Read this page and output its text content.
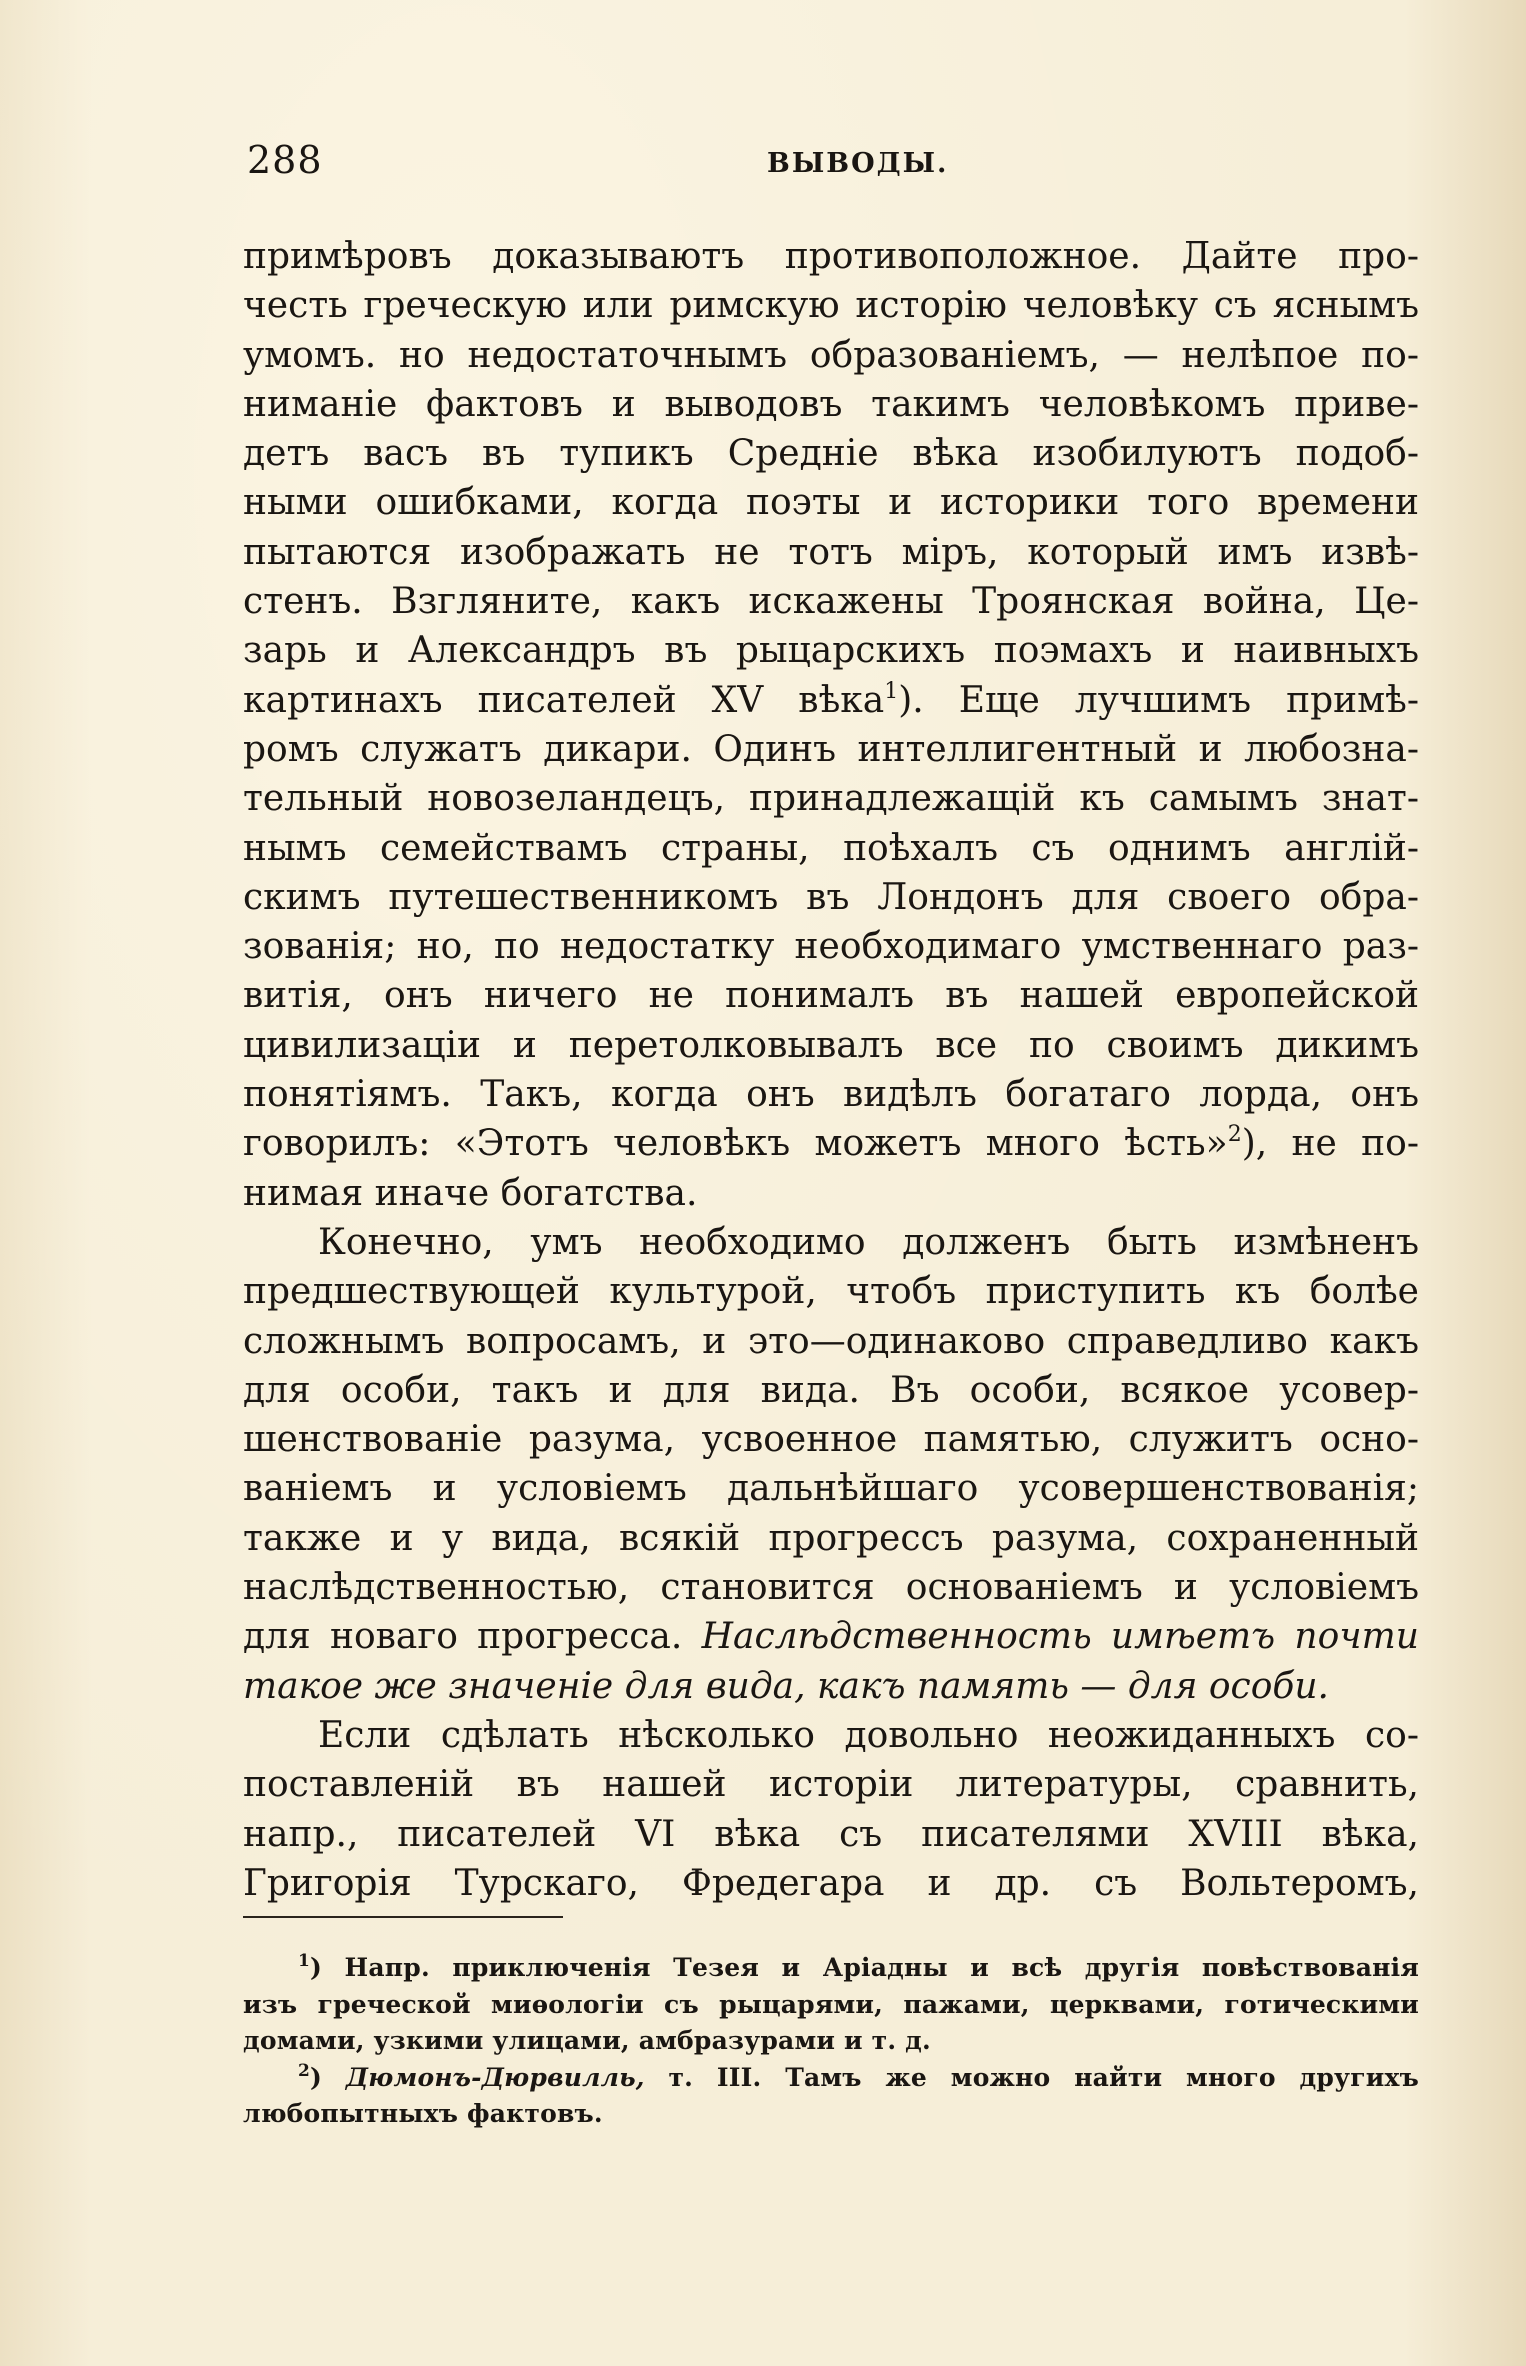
288	ВЫВОДЫ.
примѣровъ доказываютъ противоположное. Дайте про-
честь греческую или римскую исторію человѣку съ яснымъ
умомъ. но недостаточнымъ образованіемъ, — нелѣпое по-
ниманіе фактовъ и выводовъ такимъ человѣкомъ приве-
детъ васъ въ тупикъ Средніе вѣка изобилуютъ подоб-
ными ошибками, когда поэты и историки того времени
пытаются изображать не тотъ міръ, который имъ извѣ-
стенъ. Взгляните, какъ искажены Троянская война, Це-
зарь и Александръ въ рыцарскихъ поэмахъ и наивныхъ
картинахъ писателей XV вѣка$^1$). Еще лучшимъ примѣ-
ромъ служатъ дикари. Одинъ интеллигентный и любозна-
тельный новозеландецъ, принадлежащій къ самымъ знат-
нымъ семействамъ страны, поѣхалъ съ однимъ англій-
скимъ путешественникомъ въ Лондонъ для своего обра-
зованія; но, по недостатку необходимаго умственнаго раз-
витія, онъ ничего не понималъ въ нашей европейской
цивилизаціи и перетолковывалъ все по своимъ дикимъ
понятіямъ. Такъ, когда онъ видѣлъ богатаго лорда, онъ
говорилъ: «Этотъ человѣкъ можетъ много ѣсть»$^2$), не по-
нимая иначе богатства.
Конечно, умъ необходимо долженъ быть измѣненъ
предшествующей культурой, чтобъ приступить къ болѣе
сложнымъ вопросамъ, и это—одинаково справедливо какъ
для особи, такъ и для вида. Въ особи, всякое усовер-
шенствованіе разума, усвоенное памятью, служитъ осно-
ваніемъ и условіемъ дальнѣйшаго усовершенствованія;
также и у вида, всякій прогрессъ разума, сохраненный
наслѣдственностью, становится основаніемъ и условіемъ
для новаго прогресса. Наслѣдственность имѣетъ почти
такое же значеніе для вида, какъ память — для особи.
Если сдѣлать нѣсколько довольно неожиданныхъ со-
поставленій въ нашей исторіи литературы, сравнить,
напр., писателей VI вѣка съ писателями XVIII вѣка,
Григорія Турскаго, Фредегара и др. съ Вольтеромъ,
$^1$) Напр. приключенія Тезея и Аріадны и всѣ другія повѣствованія
изъ греческой миѳологіи съ рыцарями, пажами, церквами, готическими
домами, узкими улицами, амбразурами и т. д.
$^2$) Дюмонъ-Дюрвилль, т. III. Тамъ же можно найти много другихъ
любопытныхъ фактовъ.
